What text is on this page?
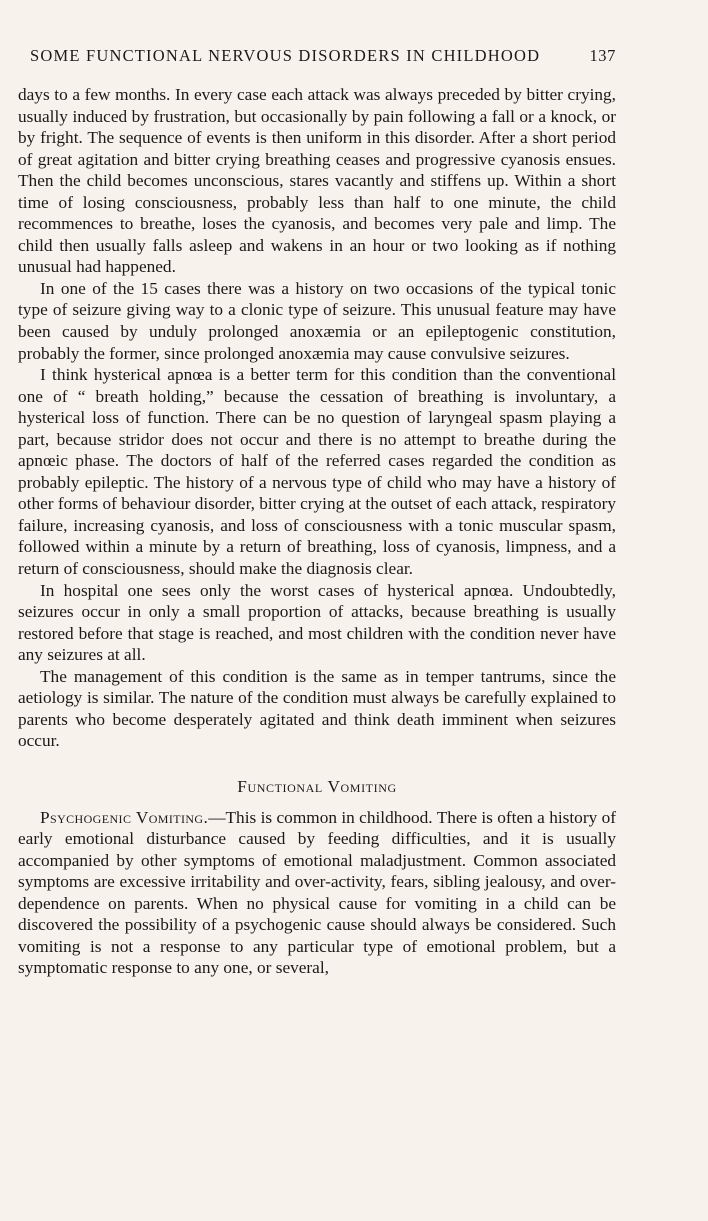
SOME FUNCTIONAL NERVOUS DISORDERS IN CHILDHOOD	137

days to a few months. In every case each attack was always preceded by bitter crying, usually induced by frustration, but occasionally by pain following a fall or a knock, or by fright. The sequence of events is then uniform in this disorder. After a short period of great agitation and bitter crying breathing ceases and progressive cyanosis ensues. Then the child becomes unconscious, stares vacantly and stiffens up. Within a short time of losing consciousness, probably less than half to one minute, the child recommences to breathe, loses the cyanosis, and becomes very pale and limp. The child then usually falls asleep and wakens in an hour or two looking as if nothing unusual had happened.

In one of the 15 cases there was a history on two occasions of the typical tonic type of seizure giving way to a clonic type of seizure. This unusual feature may have been caused by unduly prolonged anoxæmia or an epileptogenic constitution, probably the former, since prolonged anoxæmia may cause convulsive seizures.

I think hysterical apnœa is a better term for this condition than the conventional one of “ breath holding,” because the cessation of breathing is involuntary, a hysterical loss of function. There can be no question of laryngeal spasm playing a part, because stridor does not occur and there is no attempt to breathe during the apnœic phase. The doctors of half of the referred cases regarded the condition as probably epileptic. The history of a nervous type of child who may have a history of other forms of behaviour disorder, bitter crying at the outset of each attack, respiratory failure, increasing cyanosis, and loss of consciousness with a tonic muscular spasm, followed within a minute by a return of breathing, loss of cyanosis, limpness, and a return of consciousness, should make the diagnosis clear.

In hospital one sees only the worst cases of hysterical apnœa. Undoubtedly, seizures occur in only a small proportion of attacks, because breathing is usually restored before that stage is reached, and most children with the condition never have any seizures at all.

The management of this condition is the same as in temper tantrums, since the aetiology is similar. The nature of the condition must always be carefully explained to parents who become desperately agitated and think death imminent when seizures occur.

Functional Vomiting

Psychogenic Vomiting.—This is common in childhood. There is often a history of early emotional disturbance caused by feeding difficulties, and it is usually accompanied by other symptoms of emotional maladjustment. Common associated symptoms are excessive irritability and over-activity, fears, sibling jealousy, and over-dependence on parents. When no physical cause for vomiting in a child can be discovered the possibility of a psychogenic cause should always be considered. Such vomiting is not a response to any particular type of emotional problem, but a symptomatic response to any one, or several,
